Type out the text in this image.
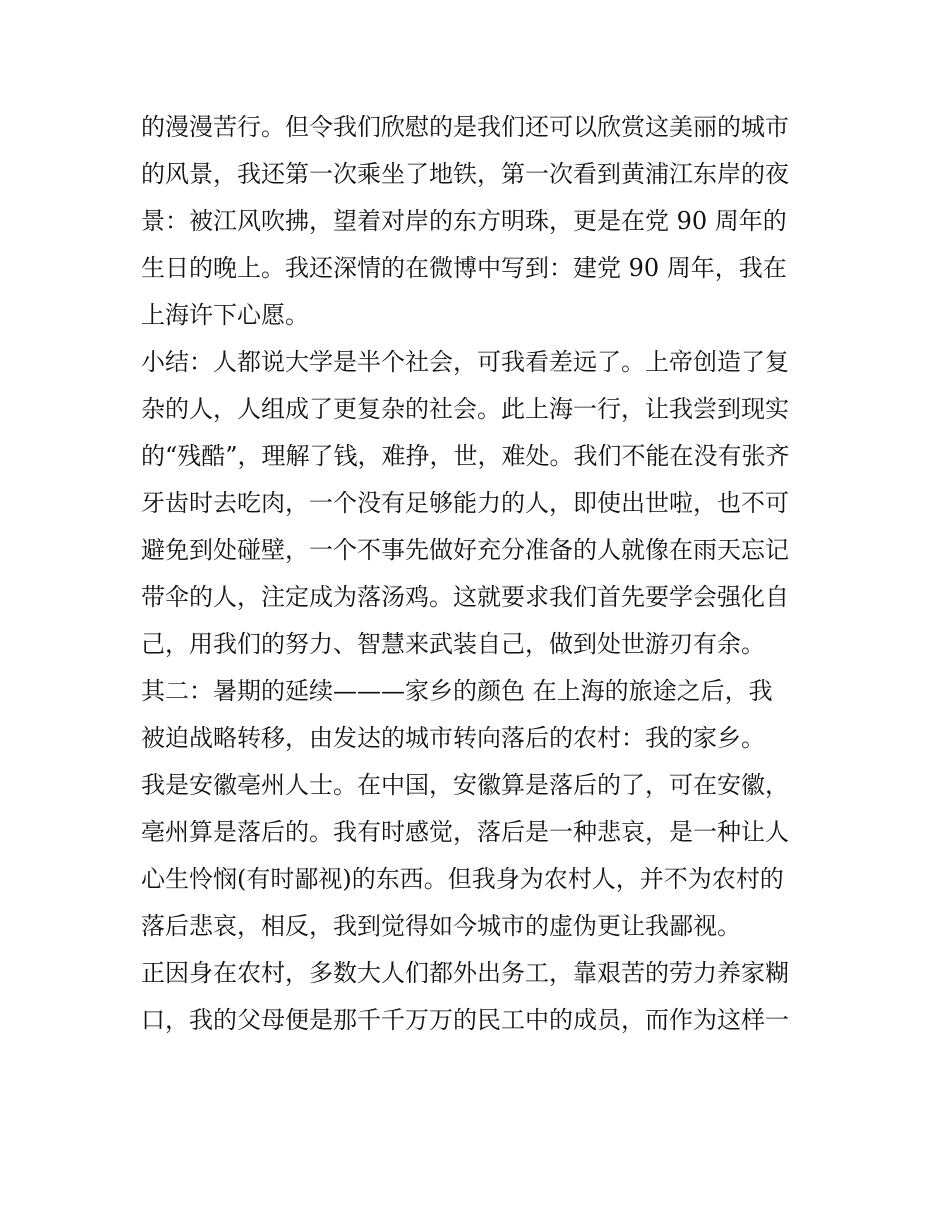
的漫漫苦行。但令我们欣慰的是我们还可以欣赏这美丽的城市
的风景，我还第一次乘坐了地铁，第一次看到黄浦江东岸的夜
景：被江风吹拂，望着对岸的东方明珠，更是在党 90 周年的
生日的晚上。我还深情的在微博中写到：建党 90 周年，我在
上海许下心愿。
小结：人都说大学是半个社会，可我看差远了。上帝创造了复
杂的人，人组成了更复杂的社会。此上海一行，让我尝到现实
的“残酷”，理解了钱，难挣，世，难处。我们不能在没有张齐
牙齿时去吃肉，一个没有足够能力的人，即使出世啦，也不可
避免到处碰壁，一个不事先做好充分准备的人就像在雨天忘记
带伞的人，注定成为落汤鸡。这就要求我们首先要学会强化自
己，用我们的努力、智慧来武装自己，做到处世游刃有余。
其二：暑期的延续———家乡的颜色 在上海的旅途之后，我
被迫战略转移，由发达的城市转向落后的农村：我的家乡。
我是安徽亳州人士。在中国，安徽算是落后的了，可在安徽，
亳州算是落后的。我有时感觉，落后是一种悲哀，是一种让人
心生怜悯(有时鄙视)的东西。但我身为农村人，并不为农村的
落后悲哀，相反，我到觉得如今城市的虚伪更让我鄙视。
正因身在农村，多数大人们都外出务工，靠艰苦的劳力养家糊
口，我的父母便是那千千万万的民工中的成员，而作为这样一
